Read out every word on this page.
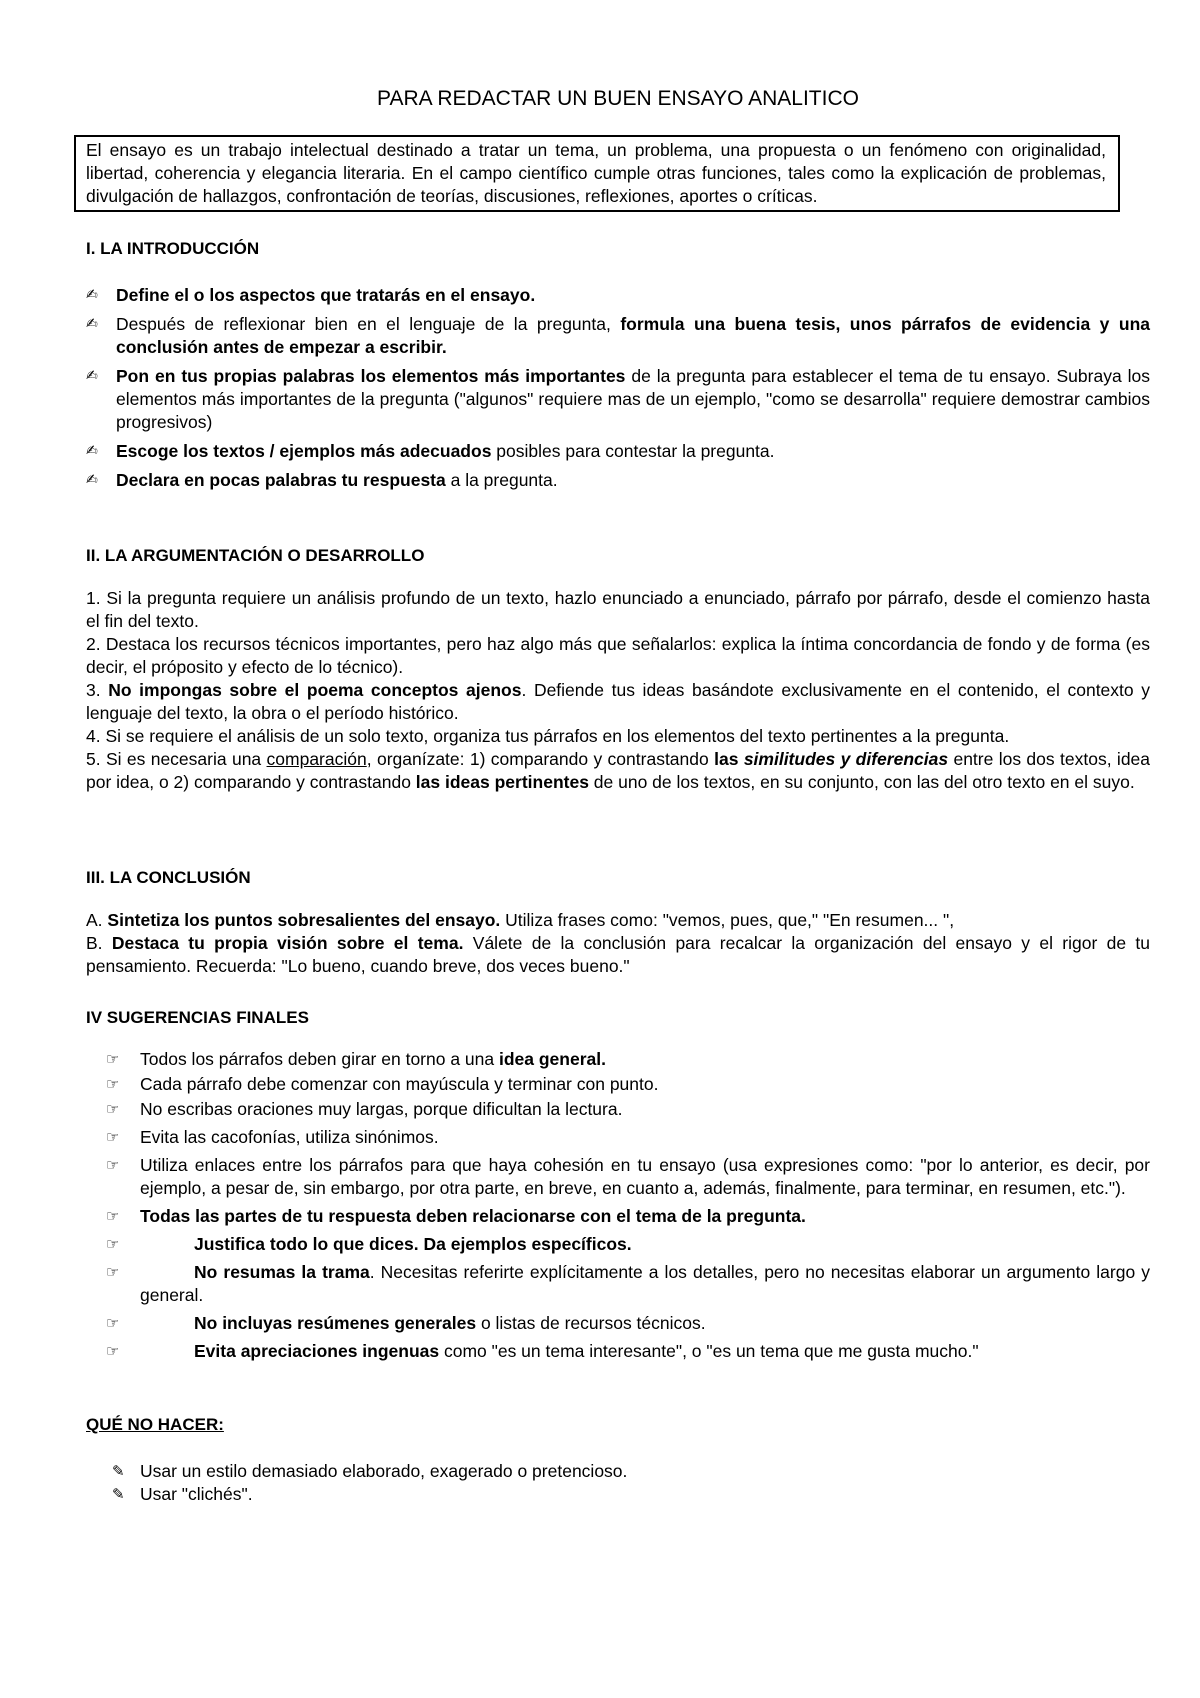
PARA REDACTAR UN BUEN ENSAYO ANALITICO
El ensayo es un trabajo intelectual destinado a tratar un tema, un problema, una propuesta o un fenómeno con originalidad, libertad, coherencia y elegancia literaria. En el campo científico cumple otras funciones, tales como la explicación de problemas, divulgación de hallazgos, confrontación de teorías, discusiones, reflexiones, aportes o críticas.

I. LA INTRODUCCIÓN

✍	Define el o los aspectos que tratarás en el ensayo.
✍	Después de reflexionar bien en el lenguaje de la pregunta, formula una buena tesis, unos párrafos de evidencia y una conclusión antes de empezar a escribir.
✍	Pon en tus propias palabras los elementos más importantes de la pregunta para establecer el tema de tu ensayo. Subraya los elementos más importantes de la pregunta ("algunos" requiere mas de un ejemplo, "como se desarrolla" requiere demostrar cambios progresivos)
✍	Escoge los textos / ejemplos más adecuados posibles para contestar la pregunta.
✍	Declara en pocas palabras tu respuesta a la pregunta.

II. LA ARGUMENTACIÓN O DESARROLLO

1. Si la pregunta requiere un análisis profundo de un texto, hazlo enunciado a enunciado, párrafo por párrafo, desde el comienzo hasta el fin del texto.
2. Destaca los recursos técnicos importantes, pero haz algo más que señalarlos: explica la íntima concordancia de fondo y de forma (es decir, el próposito y efecto de lo técnico).
3. No impongas sobre el poema conceptos ajenos. Defiende tus ideas basándote exclusivamente en el contenido, el contexto y lenguaje del texto, la obra o el período histórico.
4. Si se requiere el análisis de un solo texto, organiza tus párrafos en los elementos del texto pertinentes a la pregunta.
5. Si es necesaria una comparación, organízate: 1) comparando y contrastando las similitudes y diferencias entre los dos textos, idea por idea, o 2) comparando y contrastando las ideas pertinentes de uno de los textos, en su conjunto, con las del otro texto en el suyo.

III. LA CONCLUSIÓN

A. Sintetiza los puntos sobresalientes del ensayo. Utiliza frases como: "vemos, pues, que," "En resumen... ",
B. Destaca tu propia visión sobre el tema. Válete de la conclusión para recalcar la organización del ensayo y el rigor de tu pensamiento. Recuerda: "Lo bueno, cuando breve, dos veces bueno."

IV SUGERENCIAS FINALES

☞	Todos los párrafos deben girar en torno a una idea general.
☞	Cada párrafo debe comenzar con mayúscula y terminar con punto.
☞	No escribas oraciones muy largas, porque dificultan la lectura.
☞	Evita las cacofonías, utiliza sinónimos.
☞	Utiliza enlaces entre los párrafos para que haya cohesión en tu ensayo (usa expresiones como: "por lo anterior, es decir, por ejemplo, a pesar de, sin embargo, por otra parte, en breve, en cuanto a, además, finalmente, para terminar, en resumen, etc.").
☞	Todas las partes de tu respuesta deben relacionarse con el tema de la pregunta.
☞	Justifica todo lo que dices. Da ejemplos específicos.
☞	No resumas la trama. Necesitas referirte explícitamente a los detalles, pero no necesitas elaborar un argumento largo y general.
☞	No incluyas resúmenes generales o listas de recursos técnicos.
☞	Evita apreciaciones ingenuas como "es un tema interesante", o "es un tema que me gusta mucho."

QUÉ NO HACER:

✎ Usar un estilo demasiado elaborado, exagerado o pretencioso.
✎ Usar "clichés".
